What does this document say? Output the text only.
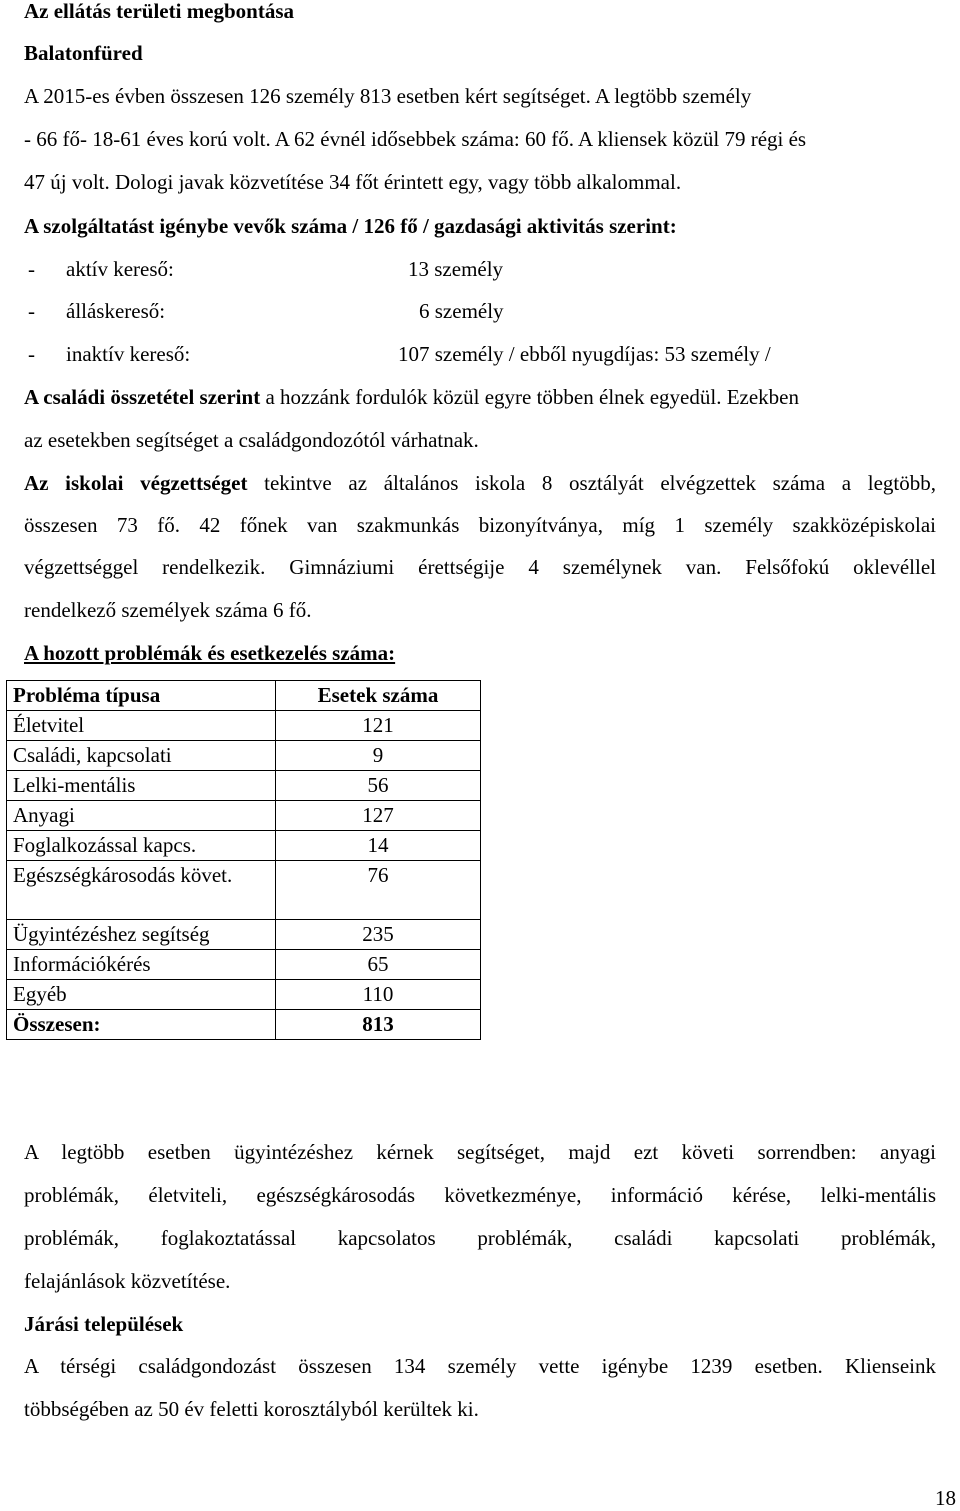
Az ellátás területi megbontása
Balatonfüred
A 2015-es évben összesen 126 személy 813 esetben kért segítséget. A legtöbb személy
- 66 fő- 18-61 éves korú volt. A 62 évnél idősebbek száma: 60 fő. A kliensek közül 79 régi és
47 új volt. Dologi javak közvetítése 34 főt érintett egy, vagy több alkalommal.
A szolgáltatást igénybe vevők száma / 126 fő / gazdasági aktivitás szerint:
- aktív kereső:	13 személy
- álláskereső:	6 személy
- inaktív kereső:	107 személy / ebből nyugdíjas: 53 személy /
A családi összetétel szerint a hozzánk fordulók közül egyre többen élnek egyedül. Ezekben
az esetekben segítséget a családgondozótól várhatnak.
Az iskolai végzettséget tekintve az általános iskola 8 osztályát elvégzettek száma a legtöbb,
összesen 73 fő. 42 főnek van szakmunkás bizonyítványa, míg 1 személy szakközépiskolai
végzettséggel rendelkezik. Gimnáziumi érettségije 4 személynek van. Felsőfokú oklevéllel
rendelkező személyek száma 6 fő.
A hozott problémák és esetkezelés száma:
Probléma típusa	Esetek száma
Életvitel	121
Családi, kapcsolati	9
Lelki-mentális	56
Anyagi	127
Foglalkozással kapcs.	14
Egészségkárosodás követ.	76
Ügyintézéshez segítség	235
Információkérés	65
Egyéb	110
Összesen:	813
A legtöbb esetben ügyintézéshez kérnek segítséget, majd ezt követi sorrendben: anyagi
problémák, életviteli, egészségkárosodás következménye, információ kérése, lelki-mentális
problémák, foglakoztatással kapcsolatos problémák, családi kapcsolati problémák,
felajánlások közvetítése.
Járási települések
A térségi családgondozást összesen 134 személy vette igénybe 1239 esetben. Klienseink
többségében az 50 év feletti korosztályból kerültek ki.
18
